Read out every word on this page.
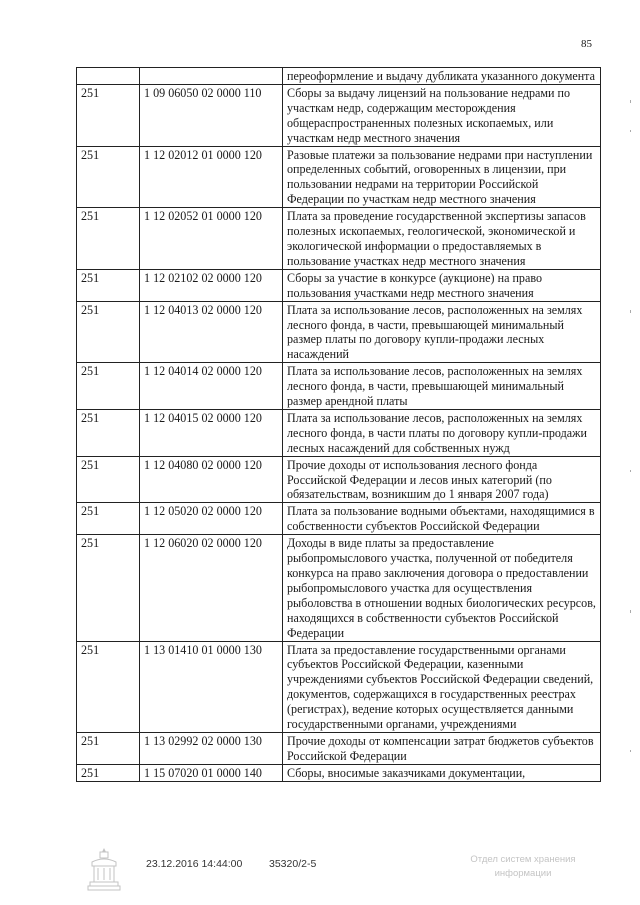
85
		переоформление и выдачу дубликата указанного документа
251	1 09 06050 02 0000 110	Сборы за выдачу лицензий на пользование недрами по участкам недр, содержащим месторождения общераспространенных полезных ископаемых, или участкам недр местного значения
251	1 12 02012 01 0000 120	Разовые платежи за пользование недрами при наступлении определенных событий, оговоренных в лицензии, при пользовании недрами на территории Российской Федерации по участкам недр местного значения
251	1 12 02052 01 0000 120	Плата за проведение государственной экспертизы запасов полезных ископаемых, геологической, экономической и экологической информации о предоставляемых в пользование участках недр местного значения
251	1 12 02102 02 0000 120	Сборы за участие в конкурсе (аукционе) на право пользования участками недр местного значения
251	1 12 04013 02 0000 120	Плата за использование лесов, расположенных на землях лесного фонда, в части, превышающей минимальный размер платы по договору купли-продажи лесных насаждений
251	1 12 04014 02 0000 120	Плата за использование лесов, расположенных на землях лесного фонда, в части, превышающей минимальный размер арендной платы
251	1 12 04015 02 0000 120	Плата за использование лесов, расположенных на землях лесного фонда, в части платы по договору купли-продажи лесных насаждений для собственных нужд
251	1 12 04080 02 0000 120	Прочие доходы от использования лесного фонда Российской Федерации и лесов иных категорий (по обязательствам, возникшим до 1 января 2007 года)
251	1 12 05020 02 0000 120	Плата за пользование водными объектами, находящимися в собственности субъектов Российской Федерации
251	1 12 06020 02 0000 120	Доходы в виде платы за предоставление рыбопромыслового участка, полученной от победителя конкурса на право заключения договора о предоставлении рыбопромыслового участка для осуществления рыболовства в отношении водных биологических ресурсов, находящихся в собственности субъектов Российской Федерации
251	1 13 01410 01 0000 130	Плата за предоставление государственными органами субъектов Российской Федерации, казенными учреждениями субъектов Российской Федерации сведений, документов, содержащихся в государственных реестрах (регистрах), ведение которых осуществляется данными государственными органами, учреждениями
251	1 13 02992 02 0000 130	Прочие доходы от компенсации затрат бюджетов субъектов Российской Федерации
251	1 15 07020 01 0000 140	Сборы, вносимые заказчиками документации,
23.12.2016 14:44:00	35320/2-5	Отдел систем хранения информации
